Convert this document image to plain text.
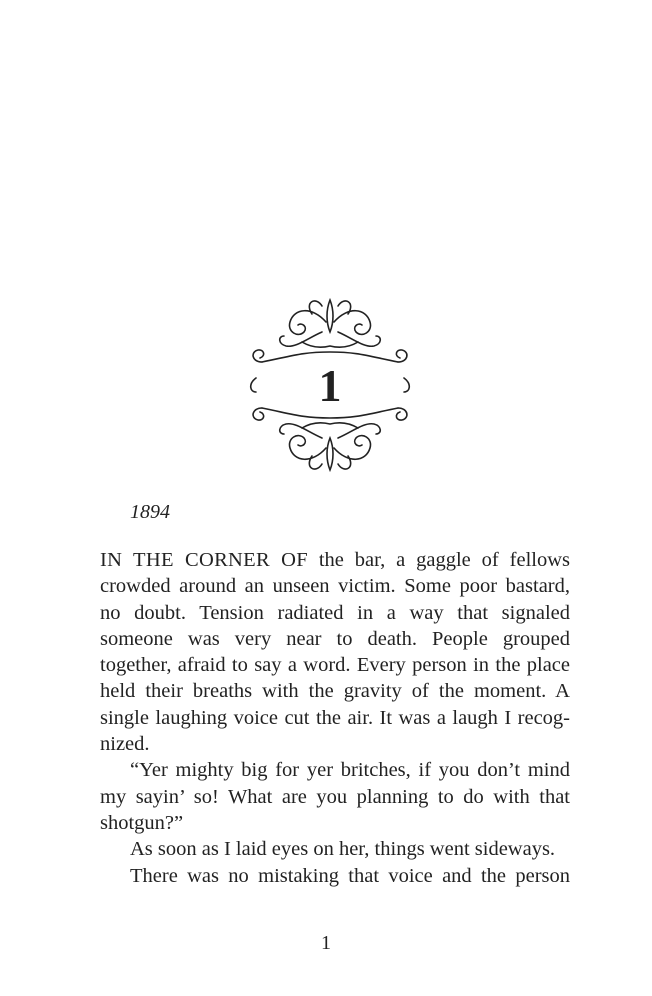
1
1894

IN THE CORNER OF the bar, a gaggle of fellows
crowded around an unseen victim. Some poor bastard,
no doubt. Tension radiated in a way that signaled
someone was very near to death. People grouped
together, afraid to say a word. Every person in the place
held their breaths with the gravity of the moment. A
single laughing voice cut the air. It was a laugh I recog-
nized.

“Yer mighty big for yer britches, if you don’t mind
my sayin’ so! What are you planning to do with that
shotgun?”

As soon as I laid eyes on her, things went sideways.

There was no mistaking that voice and the person

1
